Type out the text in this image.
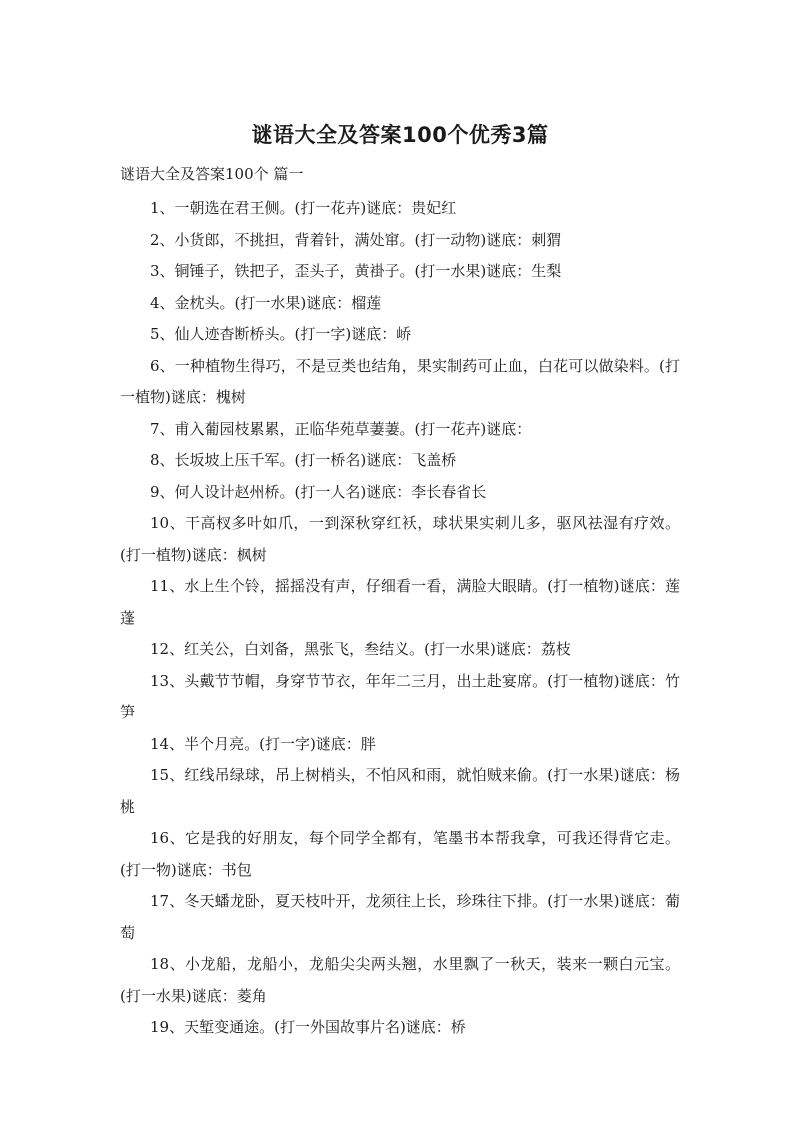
谜语大全及答案100个优秀3篇
谜语大全及答案100个 篇一

1、一朝选在君王侧。(打一花卉)谜底：贵妃红

2、小货郎，不挑担，背着针，满处窜。(打一动物)谜底：刺猬

3、铜锤子，铁把子，歪头子，黄褂子。(打一水果)谜底：生梨

4、金枕头。(打一水果)谜底：榴莲

5、仙人迹杳断桥头。(打一字)谜底：峤

6、一种植物生得巧，不是豆类也结角，果实制药可止血，白花可以做染料。(打一植物)谜底：槐树

7、甫入葡园枝累累，正临华苑草萋萋。(打一花卉)谜底：

8、长坂坡上压千军。(打一桥名)谜底：飞盖桥

9、何人设计赵州桥。(打一人名)谜底：李长春省长

10、干高杈多叶如爪，一到深秋穿红袄，球状果实刺儿多，驱风祛湿有疗效。(打一植物)谜底：枫树

11、水上生个铃，摇摇没有声，仔细看一看，满脸大眼睛。(打一植物)谜底：莲蓬

12、红关公，白刘备，黑张飞，叁结义。(打一水果)谜底：荔枝

13、头戴节节帽，身穿节节衣，年年二三月，出土赴宴席。(打一植物)谜底：竹笋

14、半个月亮。(打一字)谜底：胖

15、红线吊绿球，吊上树梢头，不怕风和雨，就怕贼来偷。(打一水果)谜底：杨桃

16、它是我的好朋友，每个同学全都有，笔墨书本帮我拿，可我还得背它走。(打一物)谜底：书包

17、冬天蟠龙卧，夏天枝叶开，龙须往上长，珍珠往下排。(打一水果)谜底：葡萄

18、小龙船，龙船小，龙船尖尖两头翘，水里飘了一秋天，装来一颗白元宝。(打一水果)谜底：菱角

19、天堑变通途。(打一外国故事片名)谜底：桥
